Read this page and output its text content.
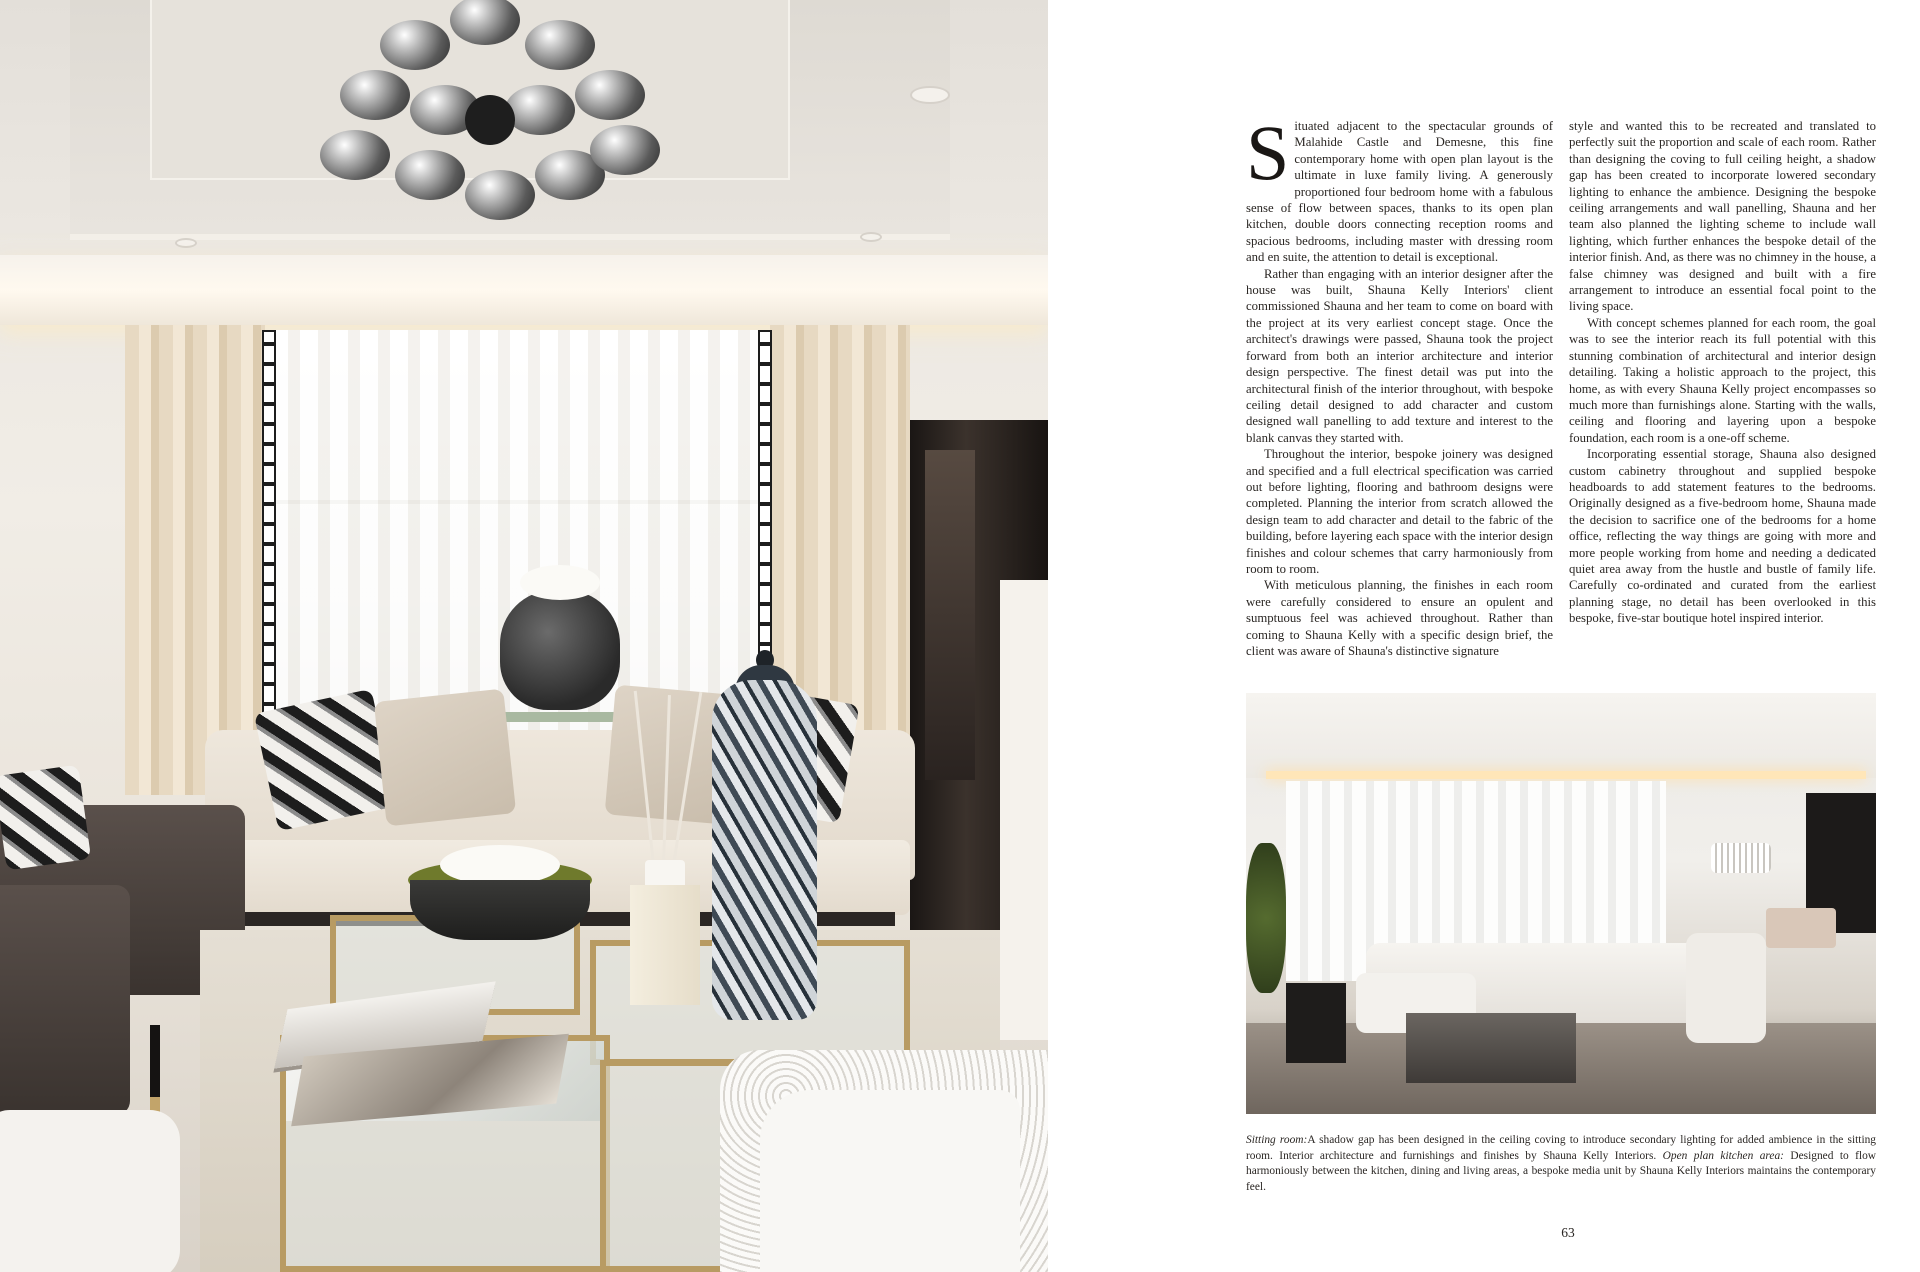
Situated adjacent to the spectacular grounds of Malahide Castle and Demesne, this fine contemporary home with open plan layout is the ultimate in luxe family living. A generously proportioned four bedroom home with a fabulous sense of flow between spaces, thanks to its open plan kitchen, double doors connecting reception rooms and spacious bedrooms, including master with dressing room and en suite, the attention to detail is exceptional.

Rather than engaging with an interior designer after the house was built, Shauna Kelly Interiors' client commissioned Shauna and her team to come on board with the project at its very earliest concept stage. Once the architect's drawings were passed, Shauna took the project forward from both an interior architecture and interior design perspective. The finest detail was put into the architectural finish of the interior throughout, with bespoke ceiling detail designed to add character and custom designed wall panelling to add texture and interest to the blank canvas they started with.

Throughout the interior, bespoke joinery was designed and specified and a full electrical specification was carried out before lighting, flooring and bathroom designs were completed. Planning the interior from scratch allowed the design team to add character and detail to the fabric of the building, before layering each space with the interior design finishes and colour schemes that carry harmoniously from room to room.

With meticulous planning, the finishes in each room were carefully considered to ensure an opulent and sumptuous feel was achieved throughout. Rather than coming to Shauna Kelly with a specific design brief, the client was aware of Shauna's distinctive signature

style and wanted this to be recreated and translated to perfectly suit the proportion and scale of each room. Rather than designing the coving to full ceiling height, a shadow gap has been created to incorporate lowered secondary lighting to enhance the ambience. Designing the bespoke ceiling arrangements and wall panelling, Shauna and her team also planned the lighting scheme to include wall lighting, which further enhances the bespoke detail of the interior finish. And, as there was no chimney in the house, a false chimney was designed and built with a fire arrangement to introduce an essential focal point to the living space.

With concept schemes planned for each room, the goal was to see the interior reach its full potential with this stunning combination of architectural and interior design detailing. Taking a holistic approach to the project, this home, as with every Shauna Kelly project encompasses so much more than furnishings alone. Starting with the walls, ceiling and flooring and layering upon a bespoke foundation, each room is a one-off scheme.

Incorporating essential storage, Shauna also designed custom cabinetry throughout and supplied bespoke headboards to add statement features to the bedrooms. Originally designed as a five-bedroom home, Shauna made the decision to sacrifice one of the bedrooms for a home office, reflecting the way things are going with more and more people working from home and needing a dedicated quiet area away from the hustle and bustle of family life. Carefully co-ordinated and curated from the earliest planning stage, no detail has been overlooked in this bespoke, five-star boutique hotel inspired interior.

Sitting room:A shadow gap has been designed in the ceiling coving to introduce secondary lighting for added ambience in the sitting room. Interior architecture and furnishings and finishes by Shauna Kelly Interiors. Open plan kitchen area: Designed to flow harmoniously between the kitchen, dining and living areas, a bespoke media unit by Shauna Kelly Interiors maintains the contemporary feel.
63
